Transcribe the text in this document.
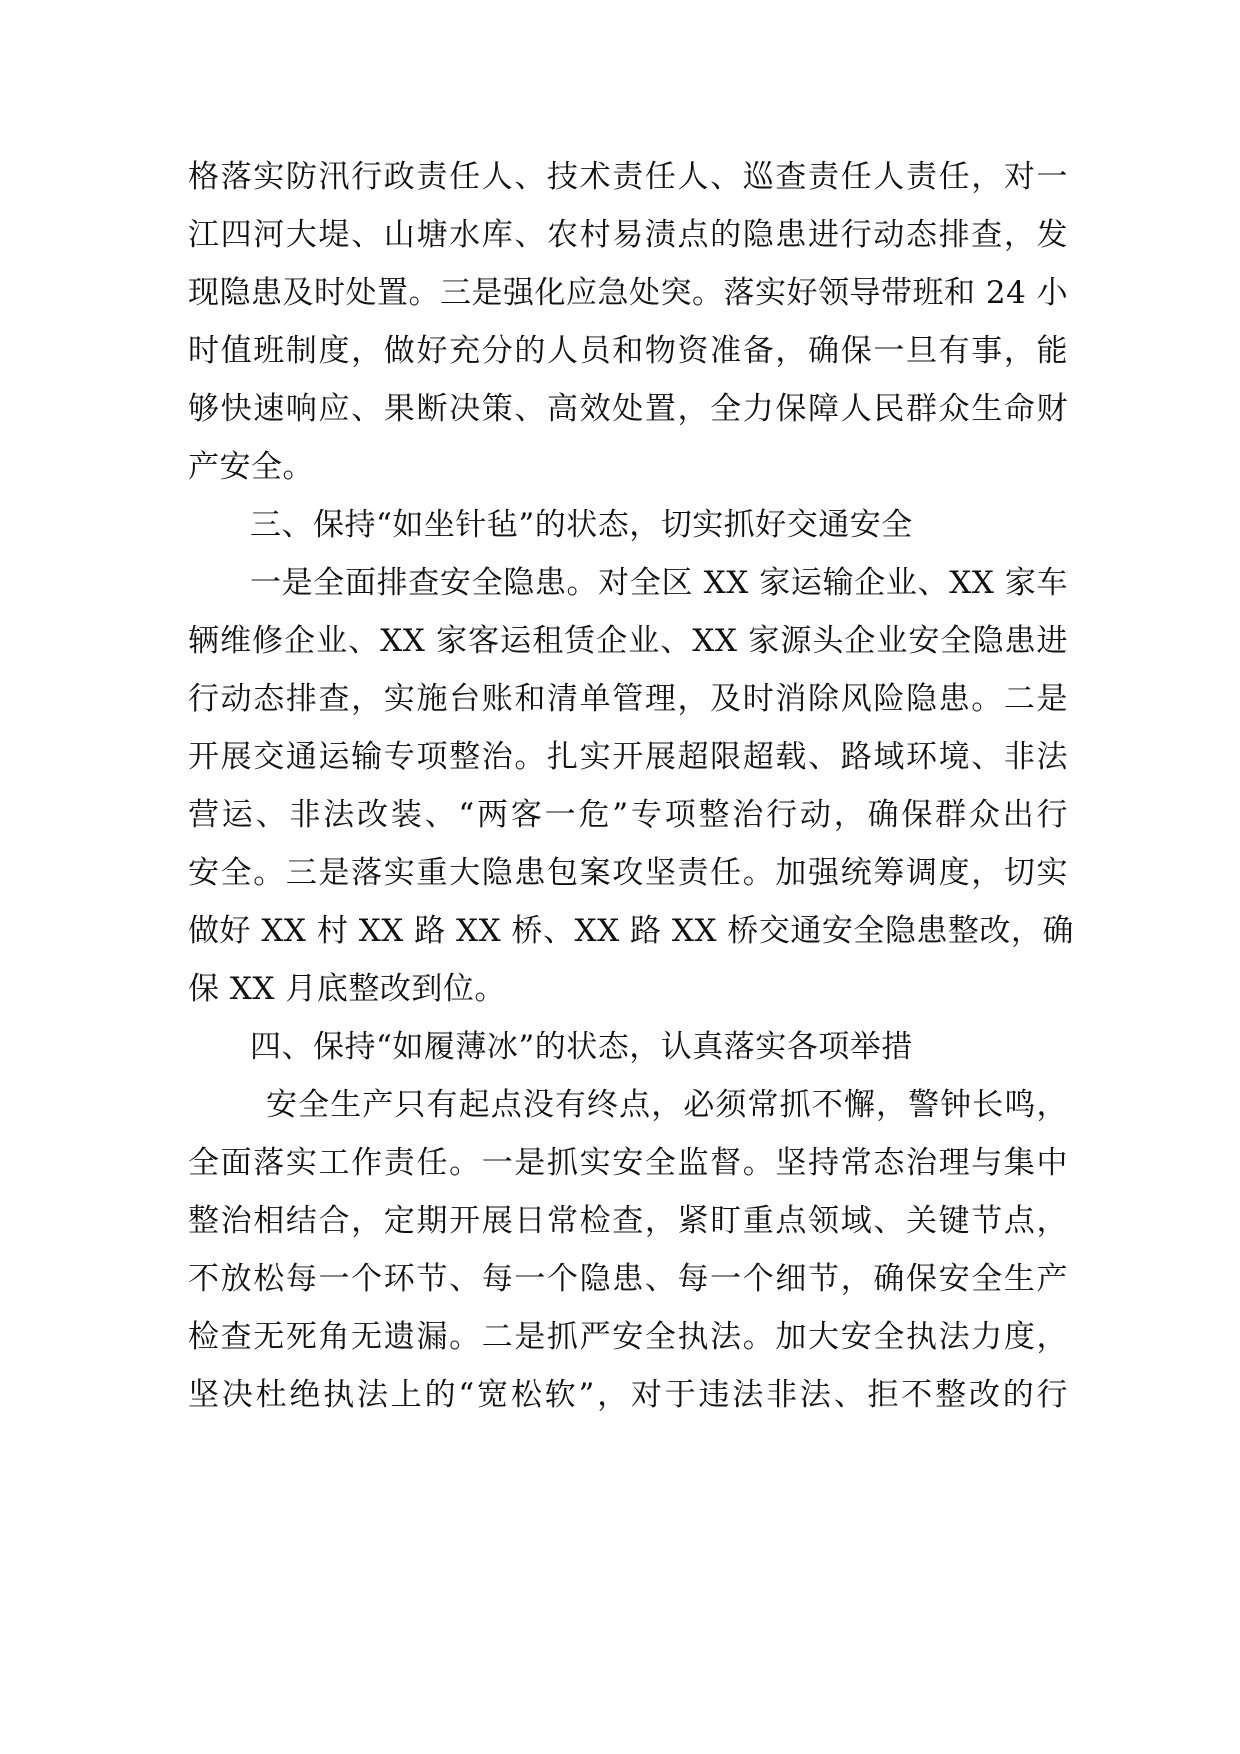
格落实防汛行政责任人、技术责任人、巡查责任人责任，对一
江四河大堤、山塘水库、农村易渍点的隐患进行动态排查，发
现隐患及时处置。三是强化应急处突。落实好领导带班和 24 小
时值班制度，做好充分的人员和物资准备，确保一旦有事，能
够快速响应、果断决策、高效处置，全力保障人民群众生命财
产安全。
三、保持“如坐针毡”的状态，切实抓好交通安全
一是全面排查安全隐患。对全区 XX 家运输企业、XX 家车
辆维修企业、XX 家客运租赁企业、XX 家源头企业安全隐患进
行动态排查，实施台账和清单管理，及时消除风险隐患。二是
开展交通运输专项整治。扎实开展超限超载、路域环境、非法
营运、非法改装、“两客一危”专项整治行动，确保群众出行
安全。三是落实重大隐患包案攻坚责任。加强统筹调度，切实
做好 XX 村 XX 路 XX 桥、XX 路 XX 桥交通安全隐患整改，确
保 XX 月底整改到位。
四、保持“如履薄冰”的状态，认真落实各项举措
安全生产只有起点没有终点，必须常抓不懈，警钟长鸣，
全面落实工作责任。一是抓实安全监督。坚持常态治理与集中
整治相结合，定期开展日常检查，紧盯重点领域、关键节点，
不放松每一个环节、每一个隐患、每一个细节，确保安全生产
检查无死角无遗漏。二是抓严安全执法。加大安全执法力度，
坚决杜绝执法上的“宽松软”，对于违法非法、拒不整改的行
